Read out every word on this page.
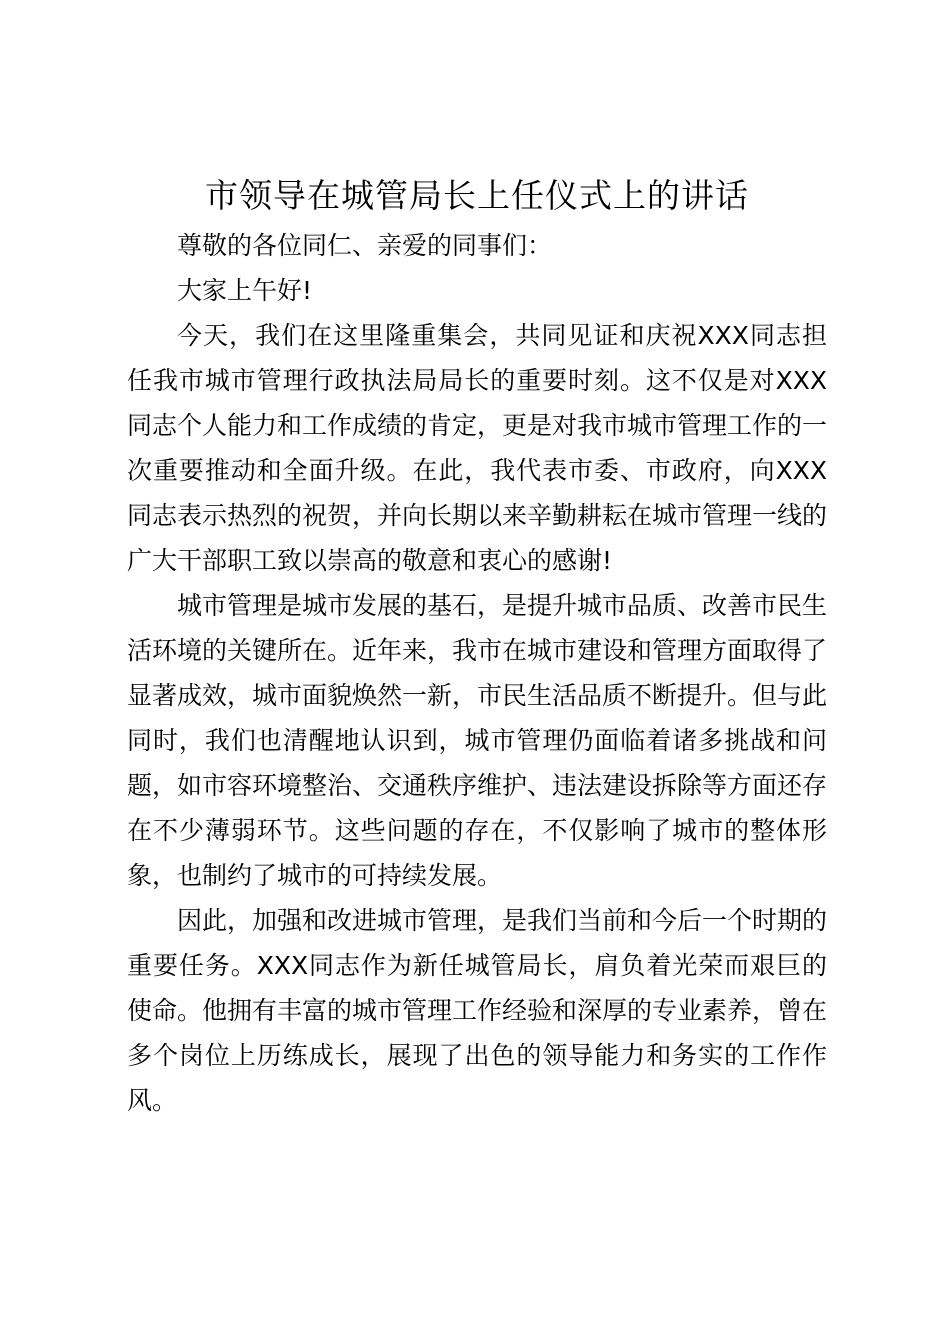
市领导在城管局长上任仪式上的讲话

尊敬的各位同仁、亲爱的同事们：

大家上午好!

今天，我们在这里隆重集会，共同见证和庆祝XXX同志担任我市城市管理行政执法局局长的重要时刻。这不仅是对XXX同志个人能力和工作成绩的肯定，更是对我市城市管理工作的一次重要推动和全面升级。在此，我代表市委、市政府，向XXX同志表示热烈的祝贺，并向长期以来辛勤耕耘在城市管理一线的广大干部职工致以崇高的敬意和衷心的感谢!

城市管理是城市发展的基石，是提升城市品质、改善市民生活环境的关键所在。近年来，我市在城市建设和管理方面取得了显著成效，城市面貌焕然一新，市民生活品质不断提升。但与此同时，我们也清醒地认识到，城市管理仍面临着诸多挑战和问题，如市容环境整治、交通秩序维护、违法建设拆除等方面还存在不少薄弱环节。这些问题的存在，不仅影响了城市的整体形象，也制约了城市的可持续发展。

因此，加强和改进城市管理，是我们当前和今后一个时期的重要任务。XXX同志作为新任城管局长，肩负着光荣而艰巨的使命。他拥有丰富的城市管理工作经验和深厚的专业素养，曾在多个岗位上历练成长，展现了出色的领导能力和务实的工作作风。
